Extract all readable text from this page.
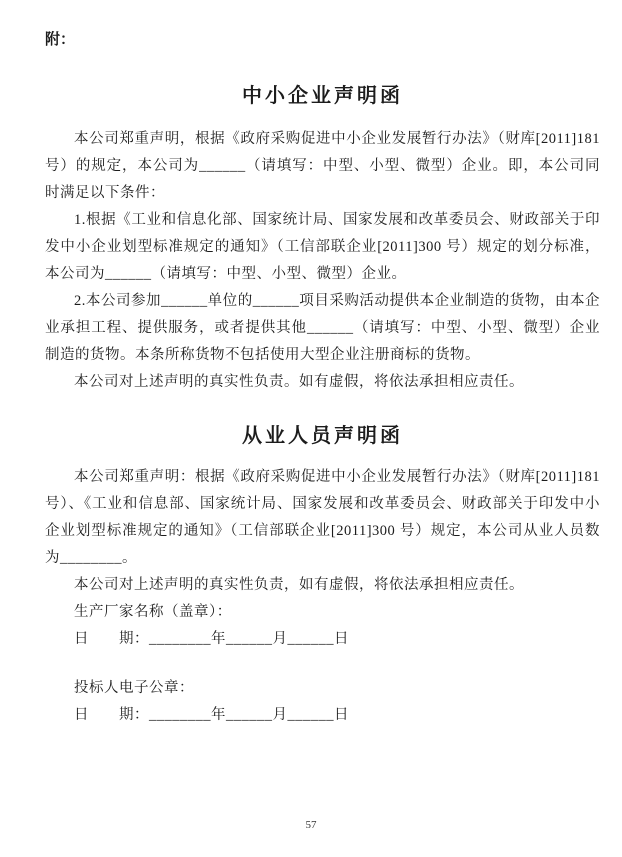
附：
中小企业声明函

本公司郑重声明，根据《政府采购促进中小企业发展暂行办法》（财库[2011]181号）的规定，本公司为______（请填写：中型、小型、微型）企业。即，本公司同时满足以下条件：

1.根据《工业和信息化部、国家统计局、国家发展和改革委员会、财政部关于印发中小企业划型标准规定的通知》（工信部联企业[2011]300 号）规定的划分标准，本公司为______（请填写：中型、小型、微型）企业。

2.本公司参加______单位的______项目采购活动提供本企业制造的货物，由本企业承担工程、提供服务，或者提供其他______（请填写：中型、小型、微型）企业制造的货物。本条所称货物不包括使用大型企业注册商标的货物。

本公司对上述声明的真实性负责。如有虚假，将依法承担相应责任。

从业人员声明函

本公司郑重声明：根据《政府采购促进中小企业发展暂行办法》（财库[2011]181号）、《工业和信息部、国家统计局、国家发展和改革委员会、财政部关于印发中小企业划型标准规定的通知》（工信部联企业[2011]300 号）规定，本公司从业人员数为________。

本公司对上述声明的真实性负责，如有虚假，将依法承担相应责任。

生产厂家名称（盖章）：
日　　期：________年______月______日
投标人电子公章：
日　　期：________年______月______日
57
